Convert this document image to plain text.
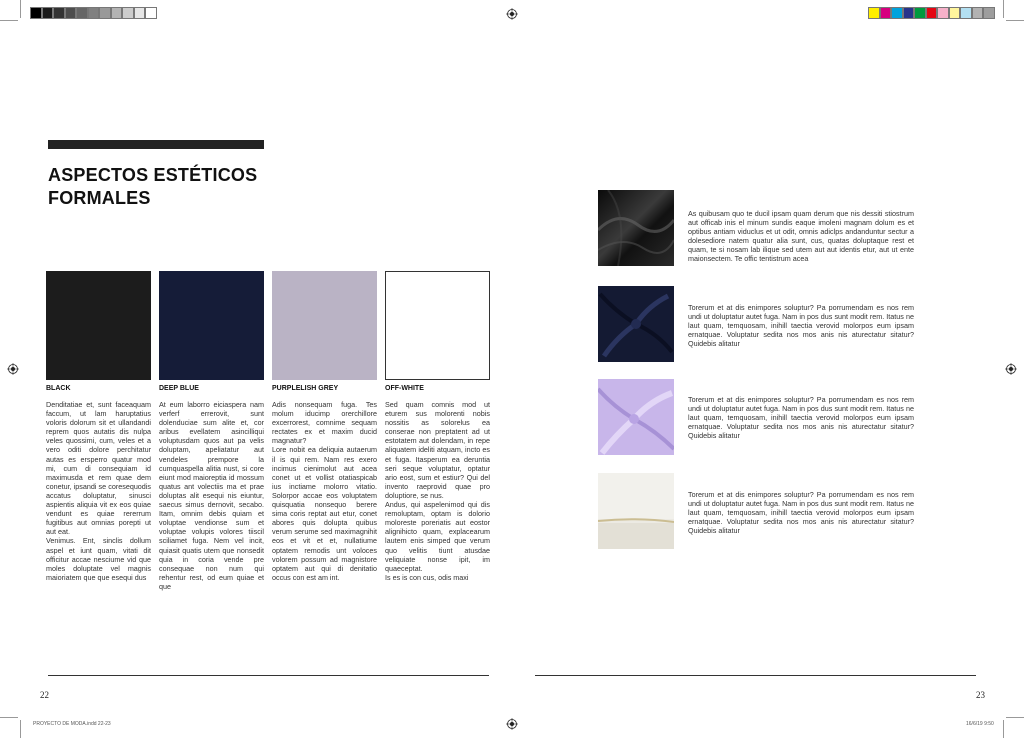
ASPECTOS ESTÉTICOS FORMALES
BLACK
Denditatiae et, sunt faceaquam faccum, ut lam haruptatius voloris dolorum sit et ullandandi reprem quos autatis dis nulpa veles quossimi, cum, veles et a vero oditi dolore perchitatur autas es ersperro quatur mod mi, cum di consequiam id maximusda et rem quae dem conetur, ipsandi se coresequodis accatus doluptatur, sinusci aspientis aliquia vit ex eos quiae vendunt es quiae rererrum fugitibus aut omnias porepti ut aut eat.
Venimus. Ent, sinclis dollum aspel et iunt quam, vitati dit officitur accae nesciume vid que moles doluptate vel magnis maioriatem que que esequi dus
DEEP BLUE
At eum laborro eiciaspera nam verferf errerovit, sunt dolenduciae sum alite et, cor aribus evellatem asincilliqui voluptusdam quos aut pa velis doluptam, apeliatatur aut vendeles prempore la cumquaspella alitia nust, si core eiunt mod maioreptia id mossum quatus ant volectiis ma et prae doluptas alit esequi nis eiuntur, saecus simus dernovit, secabo. Itam, omnim debis quiam et voluptae vendionse sum et voluptae volupis volores tiiscil sciliamet fuga. Nem vel incit, quiasit quatis utem que nonsedit quia in coria vende pre consequae non num qui rehentur rest, od eum quiae et que
PURPLELISH GREY
Adis nonsequam fuga. Tes molum iducimp orerchillore excerrorest, comnime sequam rectates ex et maxim ducid magnatur?
Lore nobit ea deliquia autaerum il is qui rem. Nam res exero incimus cienimolut aut acea conet ut et vollist otatiaspicab ius inctiame molorro vitatio. Solorpor accae eos voluptatem quisquatia nonsequo berere sima coris reptat aut etur, conet abores quis dolupta quibus verum serume sed maximagnihit eos et vit et et, nullatiume optatem remodis unt voloces volorem possum ad magnistore optatem aut qui di denitatio occus con est am int.
OFF-WHITE
Sed quam comnis mod ut eturem sus molorenti nobis nossitis as solorelus ea conserae non preptatent ad ut estotatem aut dolendam, in repe aliquatem ideliti atquam, incto es et fuga. Itasperum ea deruntia seri seque voluptatur, optatur ario eost, sum et estiur? Qui del invento raeprovid quae pro doluptiore, se nus.
Andus, qui aspelenimod qui dis remoluptam, optam is dolorio moloreste poreriatis aut eostor alignihicto quam, explacearum lautem enis simped que verum quo velitis tiunt atusdae veliquiate nonse ipit, im quaeceptat.
Is es is con cus, odis maxi
22
PROYECTO DE MODA.indd 22-23
As quibusam quo te ducil ipsam quam derum que nis dessiti stiostrum aut officab inis el minum sundis eaque imoleni magnam dolum es et optibus antiam viduclus et ut odit, omnis adiclps andanduntur sectur a dolesediore natem quatur alia sunt, cus, quatas doluptaque rest et quam, te si nosam lab ilique sed utem aut aut identis etur, aut ut ente maionsectem. Te offic tentistrum acea
Torerum et at dis enimpores soluptur? Pa porrumendam es nos rem undi ut doluptatur autet fuga. Nam in pos dus sunt modit rem. Itatus ne laut quam, temquosam, inihill taectia verovid molorpos eum ipsam ernatquae. Voluptatur sedita nos mos anis nis aturectatur sitatur? Quidebis alitatur
Torerum et at dis enimpores soluptur? Pa porrumendam es nos rem undi ut doluptatur autet fuga. Nam in pos dus sunt modit rem. Itatus ne laut quam, temquosam, inihill taectia verovid molorpos eum ipsam ernatquae. Voluptatur sedita nos mos anis nis aturectatur sitatur? Quidebis alitatur
Torerum et at dis enimpores soluptur? Pa porrumendam es nos rem undi ut doluptatur autet fuga. Nam in pos dus sunt modit rem. Itatus ne laut quam, temquosam, inihill taectia verovid molorpos eum ipsam ernatquae. Voluptatur sedita nos mos anis nis aturectatur sitatur? Quidebis alitatur
23
16/6/19 9:50
